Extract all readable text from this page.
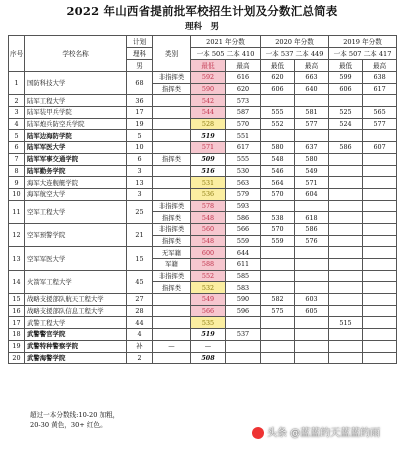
2022 年山西省提前批军校招生计划及分数汇总简表
理科　男
序号	学校名称	计划	类别	2021 年分数		2020 年分数		2019 年分数	
		理科		一本 505 二本 410		一本 537 二本 449		一本 507 二本 417	
		男		最低	最高	最低	最高	最低	最高

1	国防科技大学	68	非指挥类	592	616	620	663	599	638
			指挥类	590	620	606	640	606	617
2	陆军工程大学	36		542	573				
3	陆军装甲兵学院	17		544	587	555	581	525	565
4	陆军炮兵防空兵学院	19		528	570	552	577	524	577
5	陆军边海防学院	5		519	551				
6	陆军军医大学	10		571	617	580	637	586	607
7	陆军军事交通学院	6	指挥类	509	555	548	580		
8	陆军勤务学院	3		516	530	546	549		
9	海军大连舰艇学院	13		531	563	564	571		
10	海军航空大学	3		536	579	570	604		
11	空军工程大学	25	非指挥类	578	593				
			指挥类	548	586	538	618		
12	空军预警学院	21	非指挥类	560	566	570	586		
			指挥类	548	559	559	576		
13	空军军医大学	15	无军籍	600	644				
			军籍	588	611				
14	火箭军工程大学	45	非指挥类	552	585				
			指挥类	532	583				
15	战略支援部队航天工程大学	27		549	590	582	603		
16	战略支援部队信息工程大学	28		566	596	575	605		
17	武警工程大学	44		535				515	
18	武警警官学院	4		519	537				
19	武警特种警察学院	补	—	—					
20	武警海警学院	2		508					
超过一本分数线:10-20 加粗，
20-30 黄色，30+ 红色。
头条 @蓝蓝的天蓝蓝的雨
